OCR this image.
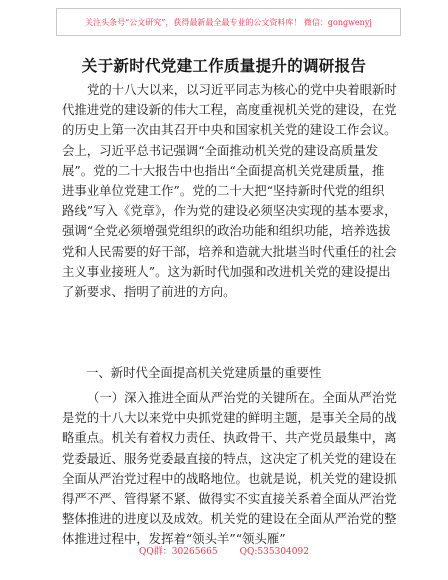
关注头条号“公文研究”，获得最新最全最专业的公文资料库！ 微信：gongwenyj
关于新时代党建工作质量提升的调研报告
党的十八大以来，以习近平同志为核心的党中央着眼新时
代推进党的建设新的伟大工程，高度重视机关党的建设，在党
的历史上第一次由其召开中央和国家机关党的建设工作会议。
会上，习近平总书记强调“全面推动机关党的建设高质量发
展”。党的二十大报告中也指出“全面提高机关党建质量，推
进事业单位党建工作”。党的二十大把“坚持新时代党的组织
路线”写入《党章》，作为党的建设必须坚决实现的基本要求，
强调“全党必须增强党组织的政治功能和组织功能，培养选拔
党和人民需要的好干部，培养和造就大批堪当时代重任的社会
主义事业接班人”。这为新时代加强和改进机关党的建设提出
了新要求、指明了前进的方向。
一、新时代全面提高机关党建质量的重要性
（一）深入推进全面从严治党的关键所在。全面从严治党
是党的十八大以来党中央抓党建的鲜明主题，是事关全局的战
略重点。机关有着权力责任、执政骨干、共产党员最集中，离
党委最近、服务党委最直接的特点，这决定了机关党的建设在
全面从严治党过程中的战略地位。也就是说，机关党的建设抓
得严不严、管得紧不紧、做得实不实直接关系着全面从严治党
整体推进的进度以及成效。机关党的建设在全面从严治党的整
体推进过程中，发挥着“领头羊”“领头雁”
QQ群：30265665 QQ:535304092
